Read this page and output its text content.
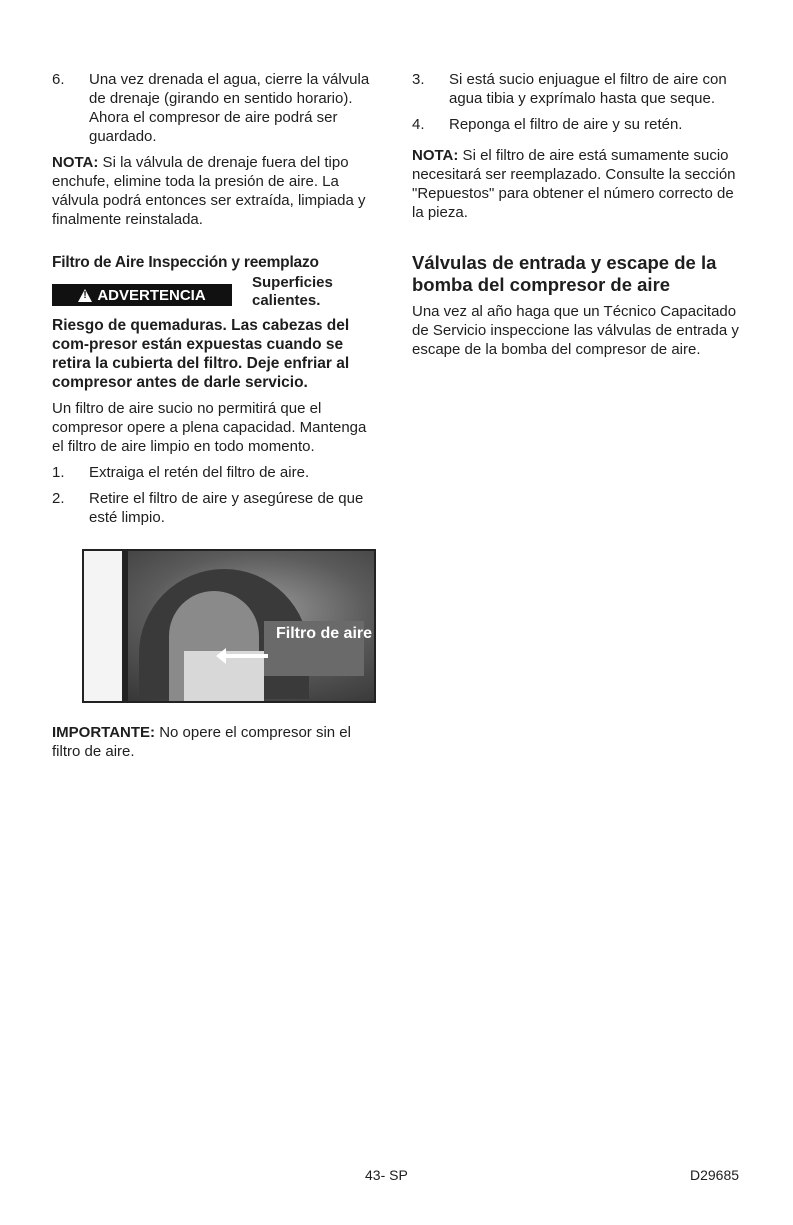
6. Una vez drenada el agua, cierre la válvula de drenaje (girando en sentido horario). Ahora el compresor de aire podrá ser guardado.

NOTA: Si la válvula de drenaje fuera del tipo enchufe, elimine toda la presión de aire. La válvula podrá entonces ser extraída, limpiada y finalmente reinstalada.

Filtro de Aire Inspección y reemplazo
!
ADVERTENCIA
Superficies calientes.
Riesgo de quemaduras. Las cabezas del com-presor están expuestas cuando se retira la cubierta del filtro. Deje enfriar al compresor antes de darle servicio.

Un filtro de aire sucio no permitirá que el compresor opere a plena capacidad. Mantenga el filtro de aire limpio en todo momento.

1. Extraiga el retén del filtro de aire.
2. Retire el filtro de aire y asegúrese de que esté limpio.
Filtro de aire

IMPORTANTE: No opere el compresor sin el filtro de aire.

3. Si está sucio enjuague el filtro de aire con agua tibia y exprímalo hasta que seque.
4. Reponga el filtro de aire y su retén.

NOTA: Si el filtro de aire está sumamente sucio necesitará ser reemplazado. Consulte la sección "Repuestos" para obtener el número correcto de la pieza.

Válvulas de entrada y escape de la bomba del compresor de aire

Una vez al año haga que un Técnico Capacitado de Servicio inspeccione las válvulas de entrada y escape de la bomba del compresor de aire.

43- SP	D29685
